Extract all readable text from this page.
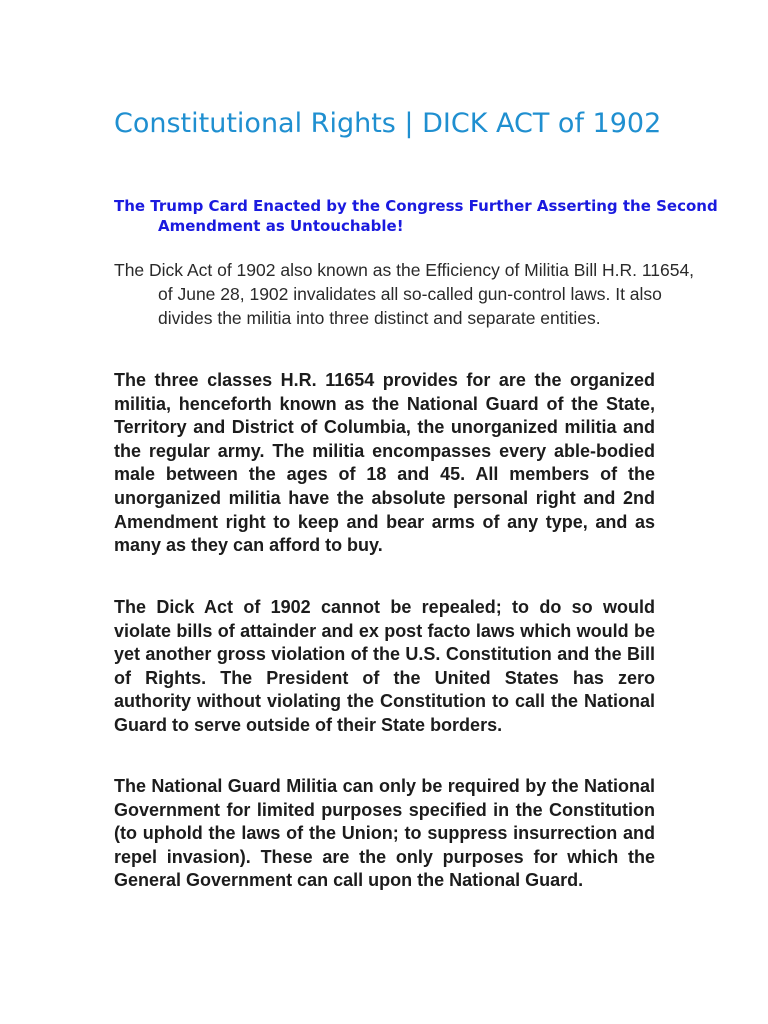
Constitutional Rights | DICK ACT of 1902
The Trump Card Enacted by the Congress Further Asserting the Second Amendment as Untouchable!

The Dick Act of 1902 also known as the Efficiency of Militia Bill H.R. 11654, of June 28, 1902 invalidates all so-called gun-control laws. It also divides the militia into three distinct and separate entities.

The three classes H.R. 11654 provides for are the organized militia, henceforth known as the National Guard of the State, Territory and District of Columbia, the unorganized militia and the regular army. The militia encompasses every able-bodied male between the ages of 18 and 45. All members of the unorganized militia have the absolute personal right and 2nd Amendment right to keep and bear arms of any type, and as many as they can afford to buy.

The Dick Act of 1902 cannot be repealed; to do so would violate bills of attainder and ex post facto laws which would be yet another gross violation of the U.S. Constitution and the Bill of Rights. The President of the United States has zero authority without violating the Constitution to call the National Guard to serve outside of their State borders.

The National Guard Militia can only be required by the National Government for limited purposes specified in the Constitution (to uphold the laws of the Union; to suppress insurrection and repel invasion). These are the only purposes for which the General Government can call upon the National Guard.
